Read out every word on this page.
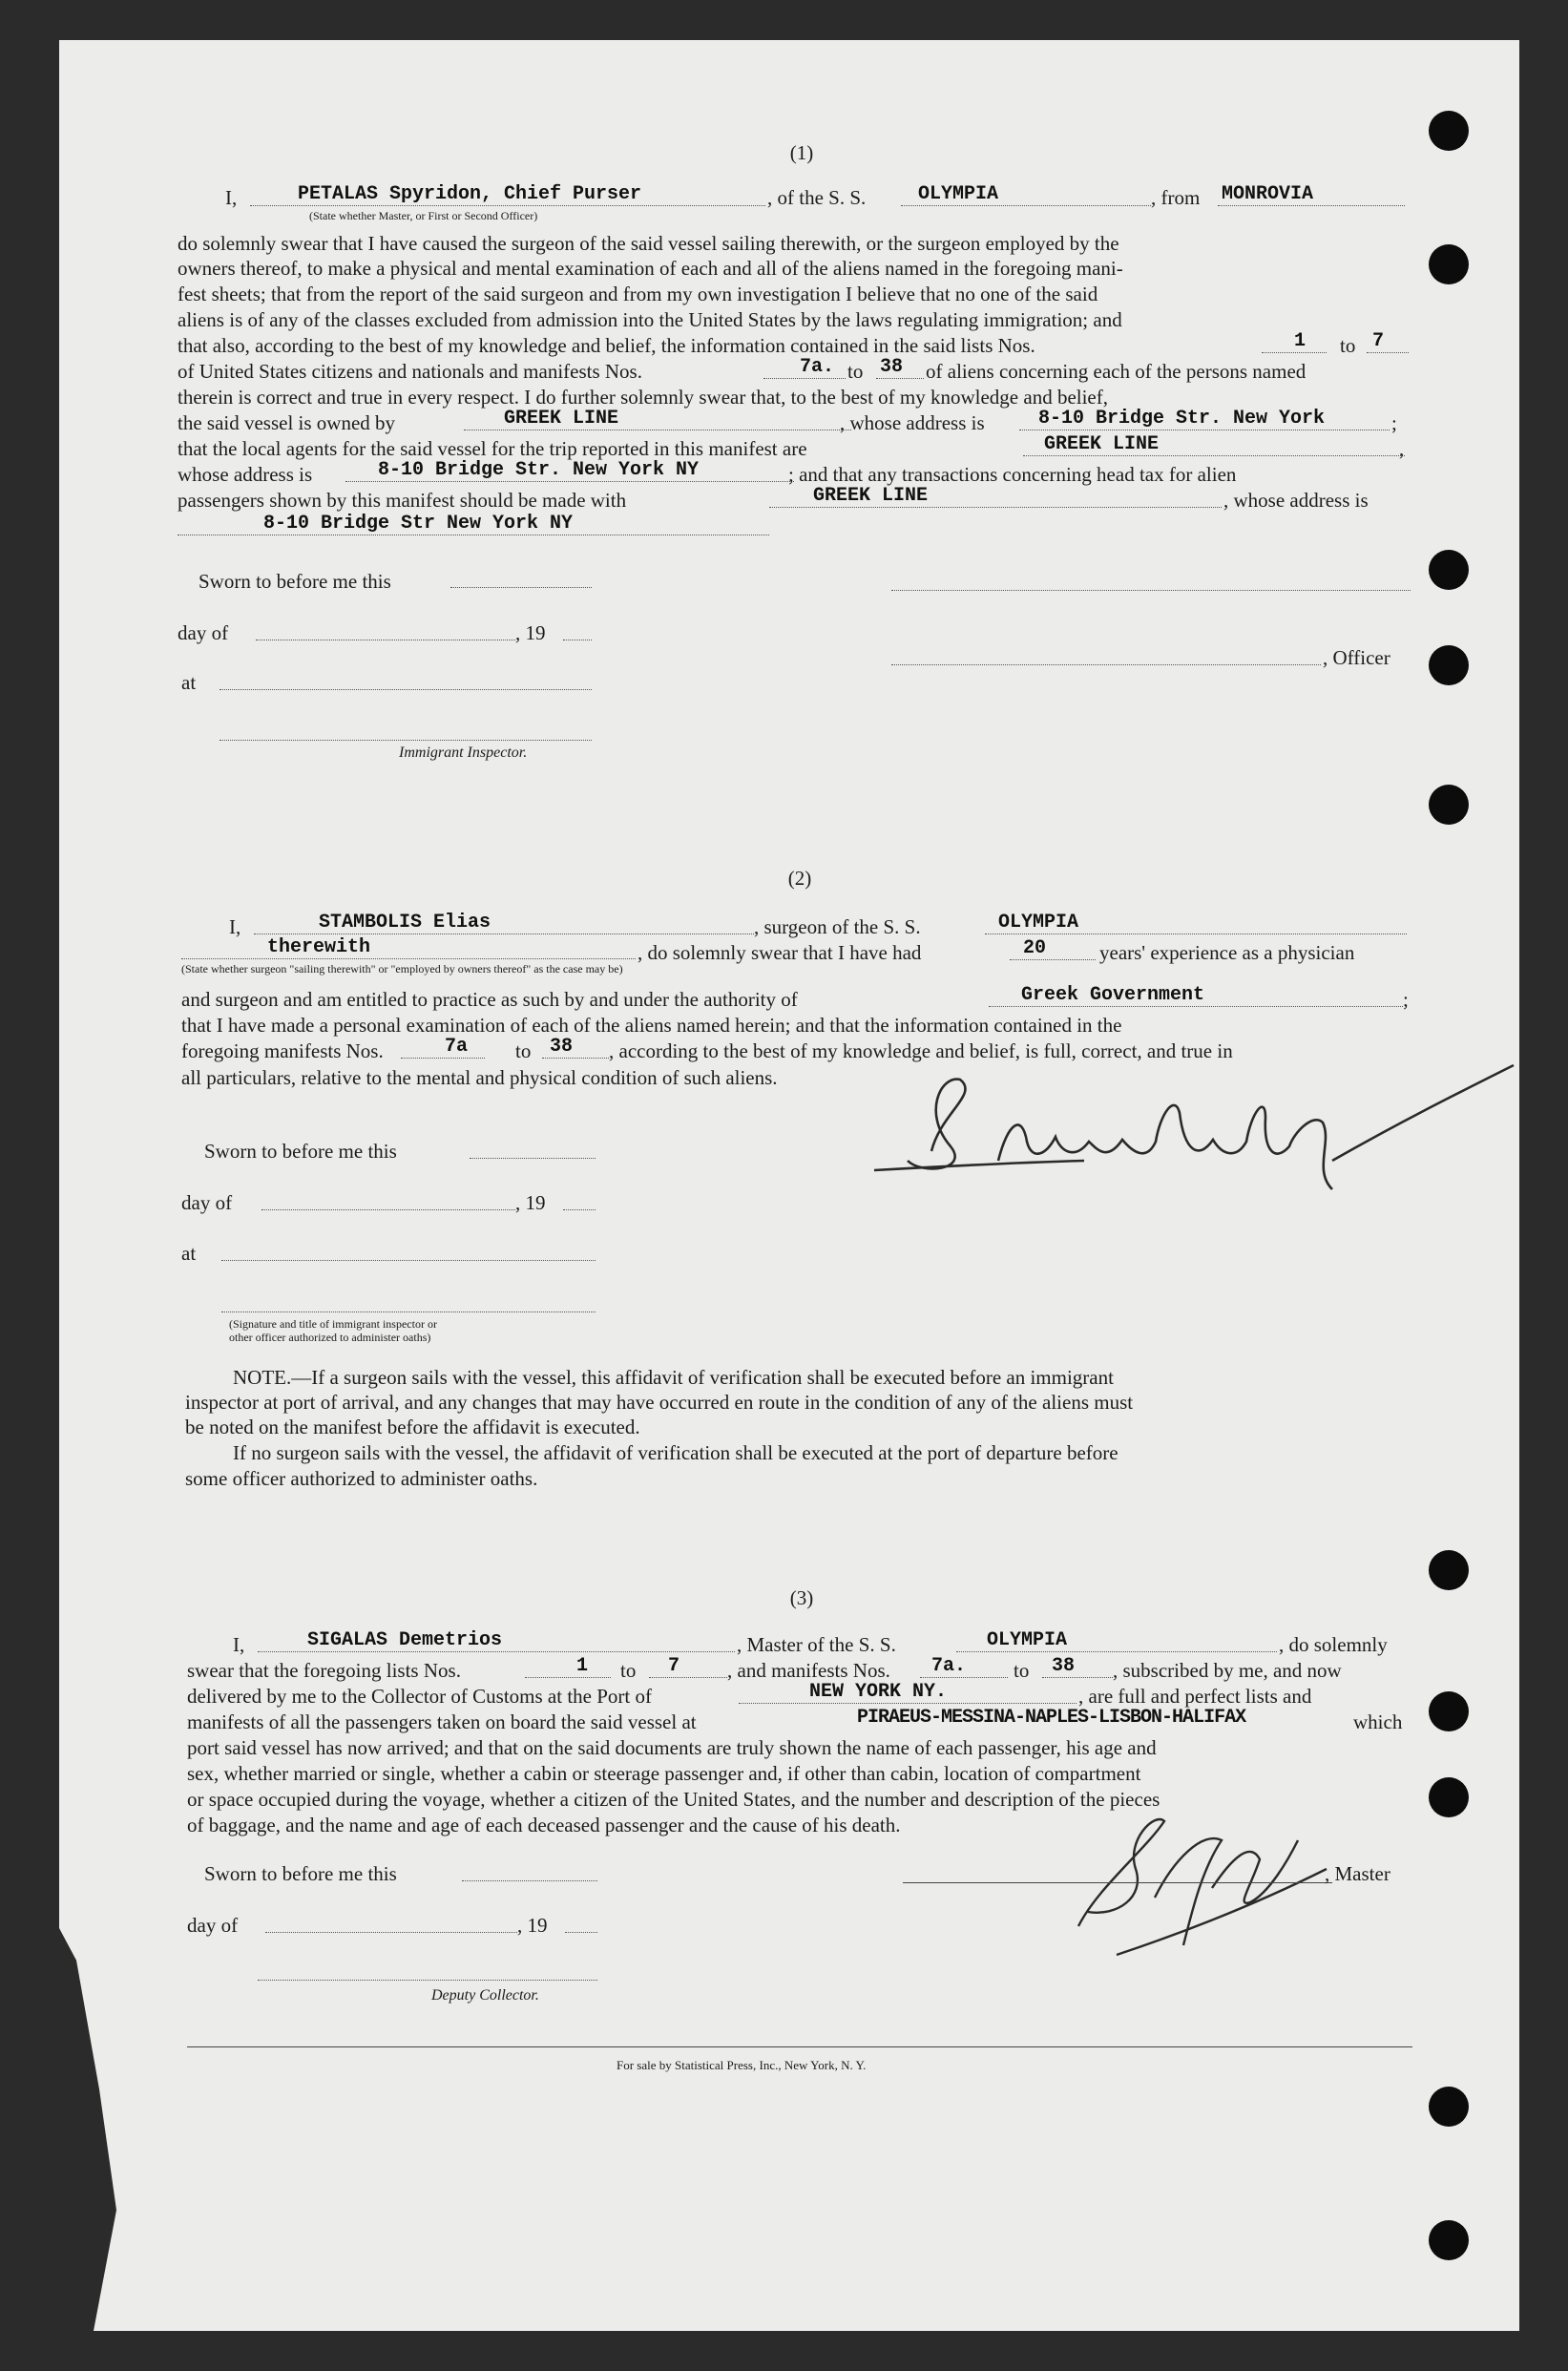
(1)
I,	PETALAS Spyridon, Chief Purser
(State whether Master, or First or Second Officer)
, of the S. S.	OLYMPIA	, from MONROVIA
do solemnly swear that I have caused the surgeon of the said vessel sailing therewith, or the surgeon employed by the
owners thereof, to make a physical and mental examination of each and all of the aliens named in the foregoing mani-
fest sheets; that from the report of the said surgeon and from my own investigation I believe that no one of the said
aliens is of any of the classes excluded from admission into the United States by the laws regulating immigration; and
that also, according to the best of my knowledge and belief, the information contained in the said lists Nos.	1 to 7
of United States citizens and nationals and manifests Nos.	7a. to 38 of aliens concerning each of the persons named
therein is correct and true in every respect. I do further solemnly swear that, to the best of my knowledge and belief,
the said vessel is owned by	GREEK LINE	, whose address is	8-10 Bridge Str. New York	;
that the local agents for the said vessel for the trip reported in this manifest are	GREEK LINE	,
whose address is	8-10 Bridge Str. New York NY	; and that any transactions concerning head tax for alien
passengers shown by this manifest should be made with	GREEK LINE	, whose address is
8-10 Bridge Str New York NY
Sworn to before me this
day of	, 19
, Officer
at
Immigrant Inspector.
(2)
I,	STAMBOLIS Elias	, surgeon of the S. S.	OLYMPIA
therewith
(State whether surgeon "sailing therewith" or "employed by owners thereof" as the case may be)
, do solemnly swear that I have had	20	years' experience as a physician
and surgeon and am entitled to practice as such by and under the authority of	Greek Government	;
that I have made a personal examination of each of the aliens named herein; and that the information contained in the
foregoing manifests Nos.	7a to 38 , according to the best of my knowledge and belief, is full, correct, and true in
all particulars, relative to the mental and physical condition of such aliens.
Sworn to before me this
day of	, 19
at
(Signature and title of immigrant inspector or
other officer authorized to administer oaths)
NOTE.—If a surgeon sails with the vessel, this affidavit of verification shall be executed before an immigrant
inspector at port of arrival, and any changes that may have occurred en route in the condition of any of the aliens must
be noted on the manifest before the affidavit is executed.
If no surgeon sails with the vessel, the affidavit of verification shall be executed at the port of departure before
some officer authorized to administer oaths.
(3)
I,	SIGALAS Demetrios	, Master of the S. S.	OLYMPIA	, do solemnly
swear that the foregoing lists Nos.	1 to 7 , and manifests Nos. 7a. to 38 , subscribed by me, and now
delivered by me to the Collector of Customs at the Port of	NEW YORK NY.	, are full and perfect lists and
manifests of all the passengers taken on board the said vessel at	PIRAEUS-MESSINA-NAPLES-LISBON-HALIFAX	which
port said vessel has now arrived; and that on the said documents are truly shown the name of each passenger, his age and
sex, whether married or single, whether a cabin or steerage passenger and, if other than cabin, location of compartment
or space occupied during the voyage, whether a citizen of the United States, and the number and description of the pieces
of baggage, and the name and age of each deceased passenger and the cause of his death.
Sworn to before me this	, Master
day of	, 19
Deputy Collector.
For sale by Statistical Press, Inc., New York, N. Y.
